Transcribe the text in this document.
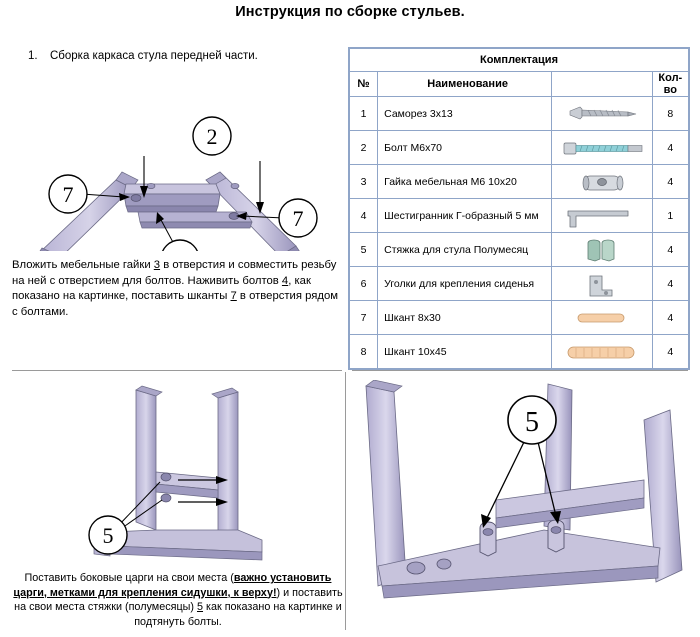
Инструкция по сборке стульев.
1. Сборка каркаса стула передней части.
2
7
7
Вложить мебельные гайки 3 в отверстия и совместить резьбу на ней с отверстием для болтов. Наживить болтов 4, как показано на картинке, поставить шканты 7 в отверстия рядом с болтами.
Комплектация			
№	Наименование		Кол-во
1	Саморез 3х13		8
2	Болт М6х70		4
3	Гайка мебельная М6 10х20		4
4	Шестигранник Г-образный 5 мм		1
5	Стяжка для стула Полумесяц		4
6	Уголки для крепления сиденья		4
7	Шкант 8х30		4
8	Шкант 10х45		4
5
Поставить боковые царги на свои места (важно установить царги, метками для крепления сидушки, к верху!) и поставить на свои места стяжки (полумесяцы) 5 как показано на картинке и подтянуть болты.
5
